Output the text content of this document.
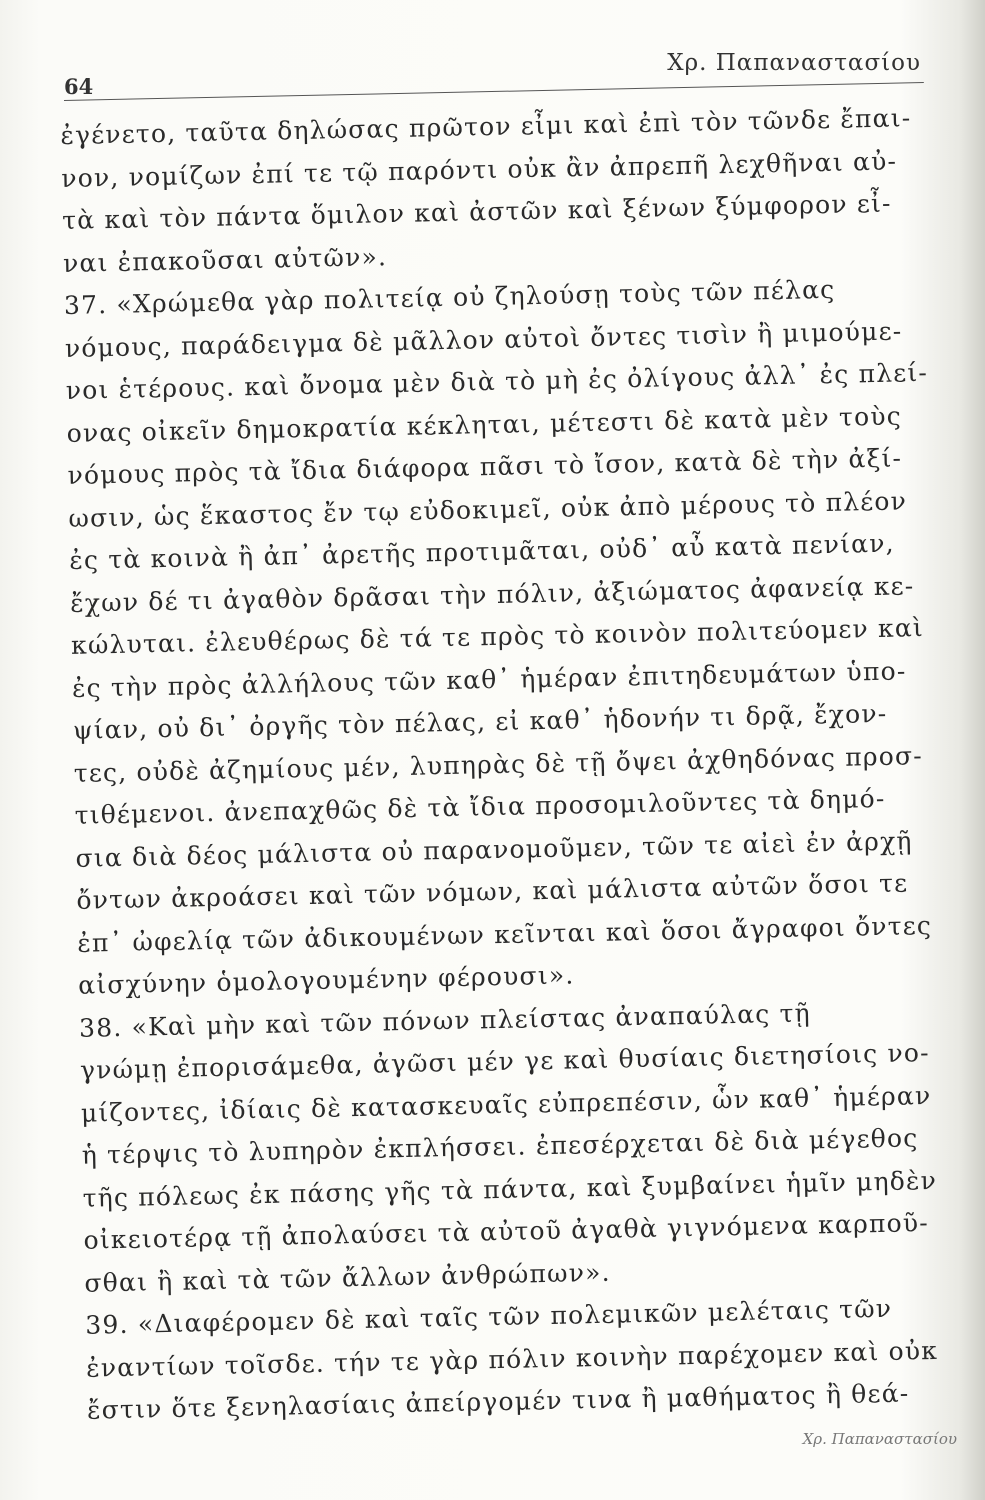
64
Χρ. Παπαναστασίου
ἐγένετο, ταῦτα δηλώσας πρῶτον εἶμι καὶ ἐπὶ τὸν τῶνδε ἔπαι-
νον, νομίζων ἐπί τε τῷ παρόντι οὐκ ἂν ἀπρεπῆ λεχθῆναι αὐ-
τὰ καὶ τὸν πάντα ὅμιλον καὶ ἀστῶν καὶ ξένων ξύμφορον εἶ-
ναι ἐπακοῦσαι αὐτῶν».
37. «Χρώμεθα γὰρ πολιτείᾳ οὐ ζηλούσῃ τοὺς τῶν πέλας
νόμους, παράδειγμα δὲ μᾶλλον αὐτοὶ ὄντες τισὶν ἢ μιμούμε-
νοι ἑτέρους. καὶ ὄνομα μὲν διὰ τὸ μὴ ἐς ὀλίγους ἀλλ᾽ ἐς πλεί-
ονας οἰκεῖν δημοκρατία κέκληται, μέτεστι δὲ κατὰ μὲν τοὺς
νόμους πρὸς τὰ ἴδια διάφορα πᾶσι τὸ ἴσον, κατὰ δὲ τὴν ἀξί-
ωσιν, ὡς ἕκαστος ἔν τῳ εὐδοκιμεῖ, οὐκ ἀπὸ μέρους τὸ πλέον
ἐς τὰ κοινὰ ἢ ἀπ᾽ ἀρετῆς προτιμᾶται, οὐδ᾽ αὖ κατὰ πενίαν,
ἔχων δέ τι ἀγαθὸν δρᾶσαι τὴν πόλιν, ἀξιώματος ἀφανείᾳ κε-
κώλυται. ἐλευθέρως δὲ τά τε πρὸς τὸ κοινὸν πολιτεύομεν καὶ
ἐς τὴν πρὸς ἀλλήλους τῶν καθ᾽ ἡμέραν ἐπιτηδευμάτων ὑπο-
ψίαν, οὐ δι᾽ ὀργῆς τὸν πέλας, εἰ καθ᾽ ἡδονήν τι δρᾷ, ἔχον-
τες, οὐδὲ ἀζημίους μέν, λυπηρὰς δὲ τῇ ὄψει ἀχθηδόνας προσ-
τιθέμενοι. ἀνεπαχθῶς δὲ τὰ ἴδια προσομιλοῦντες τὰ δημό-
σια διὰ δέος μάλιστα οὐ παρανομοῦμεν, τῶν τε αἰεὶ ἐν ἀρχῇ
ὄντων ἀκροάσει καὶ τῶν νόμων, καὶ μάλιστα αὐτῶν ὅσοι τε
ἐπ᾽ ὠφελίᾳ τῶν ἀδικουμένων κεῖνται καὶ ὅσοι ἄγραφοι ὄντες
αἰσχύνην ὁμολογουμένην φέρουσι».
38. «Καὶ μὴν καὶ τῶν πόνων πλείστας ἀναπαύλας τῇ
γνώμῃ ἐπορισάμεθα, ἀγῶσι μέν γε καὶ θυσίαις διετησίοις νο-
μίζοντες, ἰδίαις δὲ κατασκευαῖς εὐπρεπέσιν, ὧν καθ᾽ ἡμέραν
ἡ τέρψις τὸ λυπηρὸν ἐκπλήσσει. ἐπεσέρχεται δὲ διὰ μέγεθος
τῆς πόλεως ἐκ πάσης γῆς τὰ πάντα, καὶ ξυμβαίνει ἡμῖν μηδὲν
οἰκειοτέρᾳ τῇ ἀπολαύσει τὰ αὐτοῦ ἀγαθὰ γιγνόμενα καρποῦ-
σθαι ἢ καὶ τὰ τῶν ἄλλων ἀνθρώπων».
39. «Διαφέρομεν δὲ καὶ ταῖς τῶν πολεμικῶν μελέταις τῶν
ἐναντίων τοῖσδε. τήν τε γὰρ πόλιν κοινὴν παρέχομεν καὶ οὐκ
ἔστιν ὅτε ξενηλασίαις ἀπείργομέν τινα ἢ μαθήματος ἢ θεά-
Χρ. Παπαναστασίου
